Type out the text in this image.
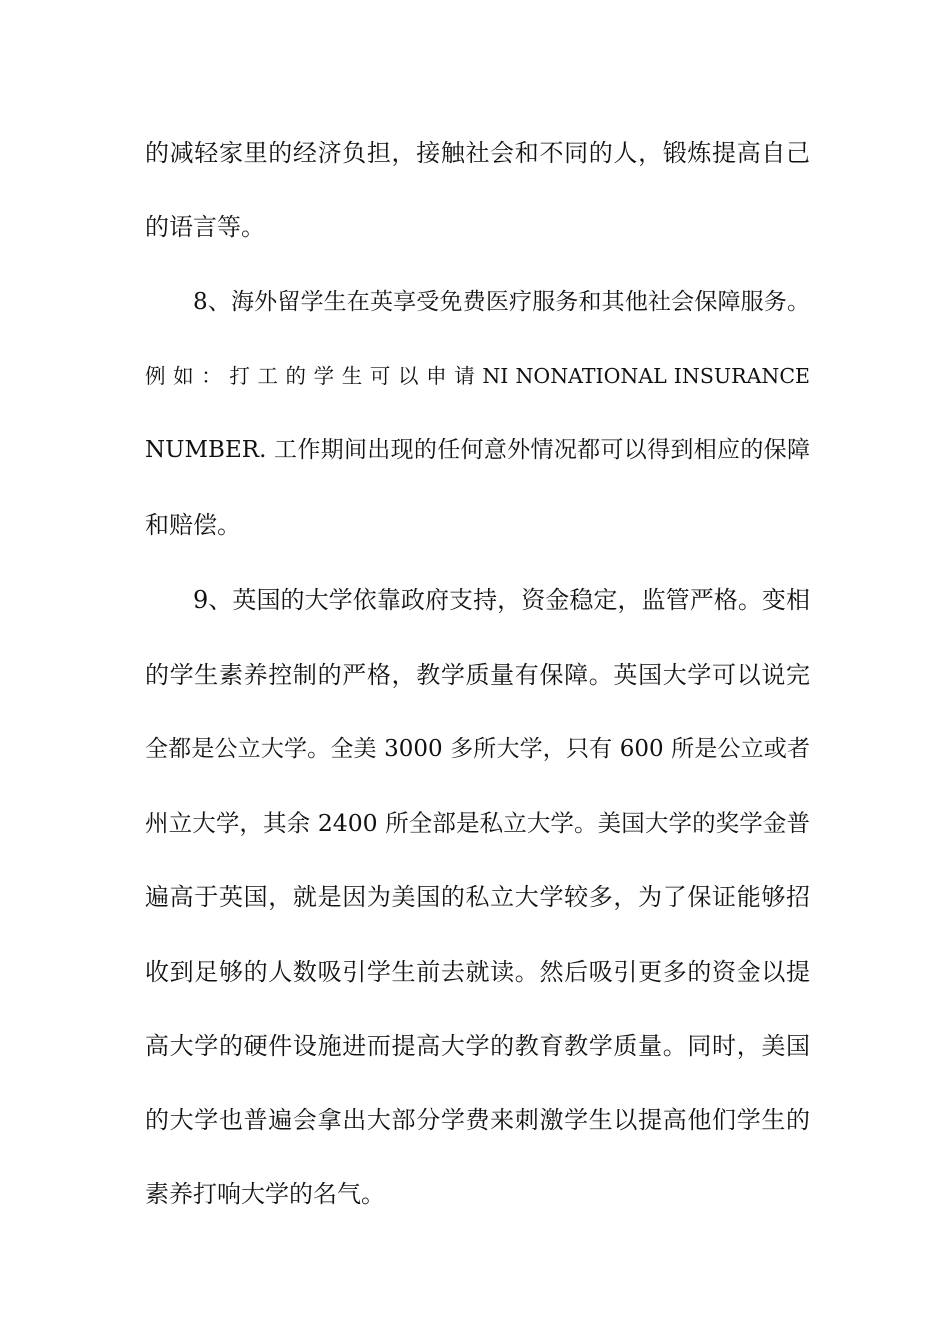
的减轻家里的经济负担，接触社会和不同的人，锻炼提高自己
的语言等。
8、海外留学生在英享受免费医疗服务和其他社会保障服务。
例 如 ： 打 工 的 学 生 可 以 申 请 NI NONATIONAL INSURANCE
NUMBER. 工作期间出现的任何意外情况都可以得到相应的保障
和赔偿。
9、英国的大学依靠政府支持，资金稳定，监管严格。变相
的学生素养控制的严格，教学质量有保障。英国大学可以说完
全都是公立大学。全美 3000 多所大学，只有 600 所是公立或者
州立大学，其余 2400 所全部是私立大学。美国大学的奖学金普
遍高于英国，就是因为美国的私立大学较多，为了保证能够招
收到足够的人数吸引学生前去就读。然后吸引更多的资金以提
高大学的硬件设施进而提高大学的教育教学质量。同时，美国
的大学也普遍会拿出大部分学费来刺激学生以提高他们学生的
素养打响大学的名气。
